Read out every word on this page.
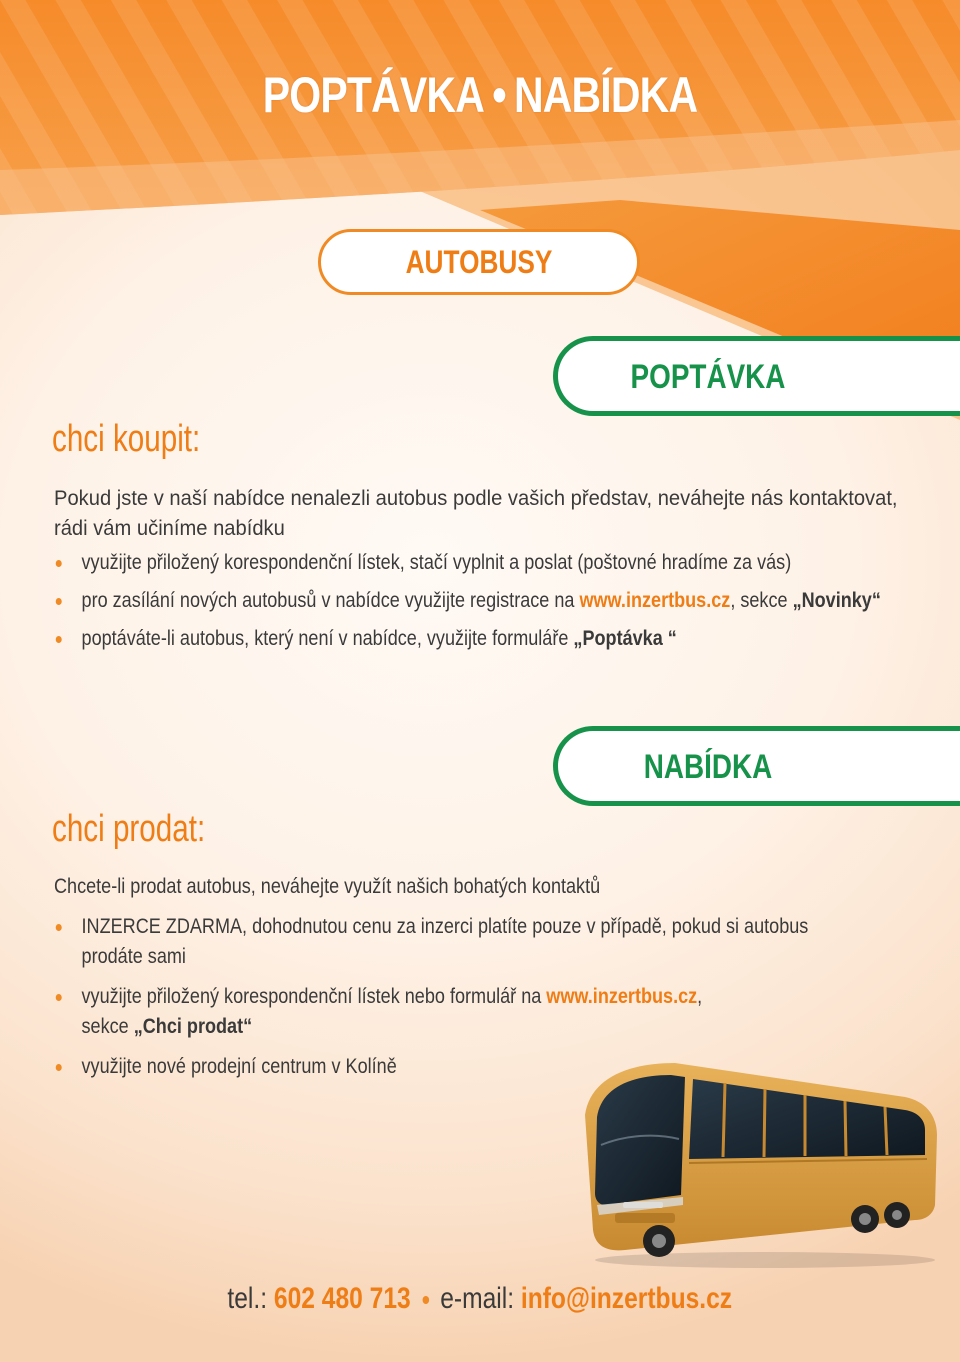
POPTÁVKA • NABÍDKA
AUTOBUSY
POPTÁVKA
chci koupit:

Pokud jste v naší nabídce nenalezli autobus podle vašich představ, neváhejte nás kontaktovat, rádi vám učiníme nabídku

využijte přiložený korespondenční lístek, stačí vyplnit a poslat (poštovné hradíme za vás)
pro zasílání nových autobusů v nabídce využijte registrace na www.inzertbus.cz, sekce „Novinky“
poptáváte-li autobus, který není v nabídce, využijte formuláře „Poptávka “
NABÍDKA
chci prodat:

Chcete-li prodat autobus, neváhejte využít našich bohatých kontaktů

INZERCE ZDARMA, dohodnutou cenu za inzerci platíte pouze v případě, pokud si autobus
prodáte sami
využijte přiložený korespondenční lístek nebo formulář na www.inzertbus.cz,
sekce „Chci prodat“
využijte nové prodejní centrum v Kolíně
tel.: 602 480 713 e-mail: info@inzertbus.cz
